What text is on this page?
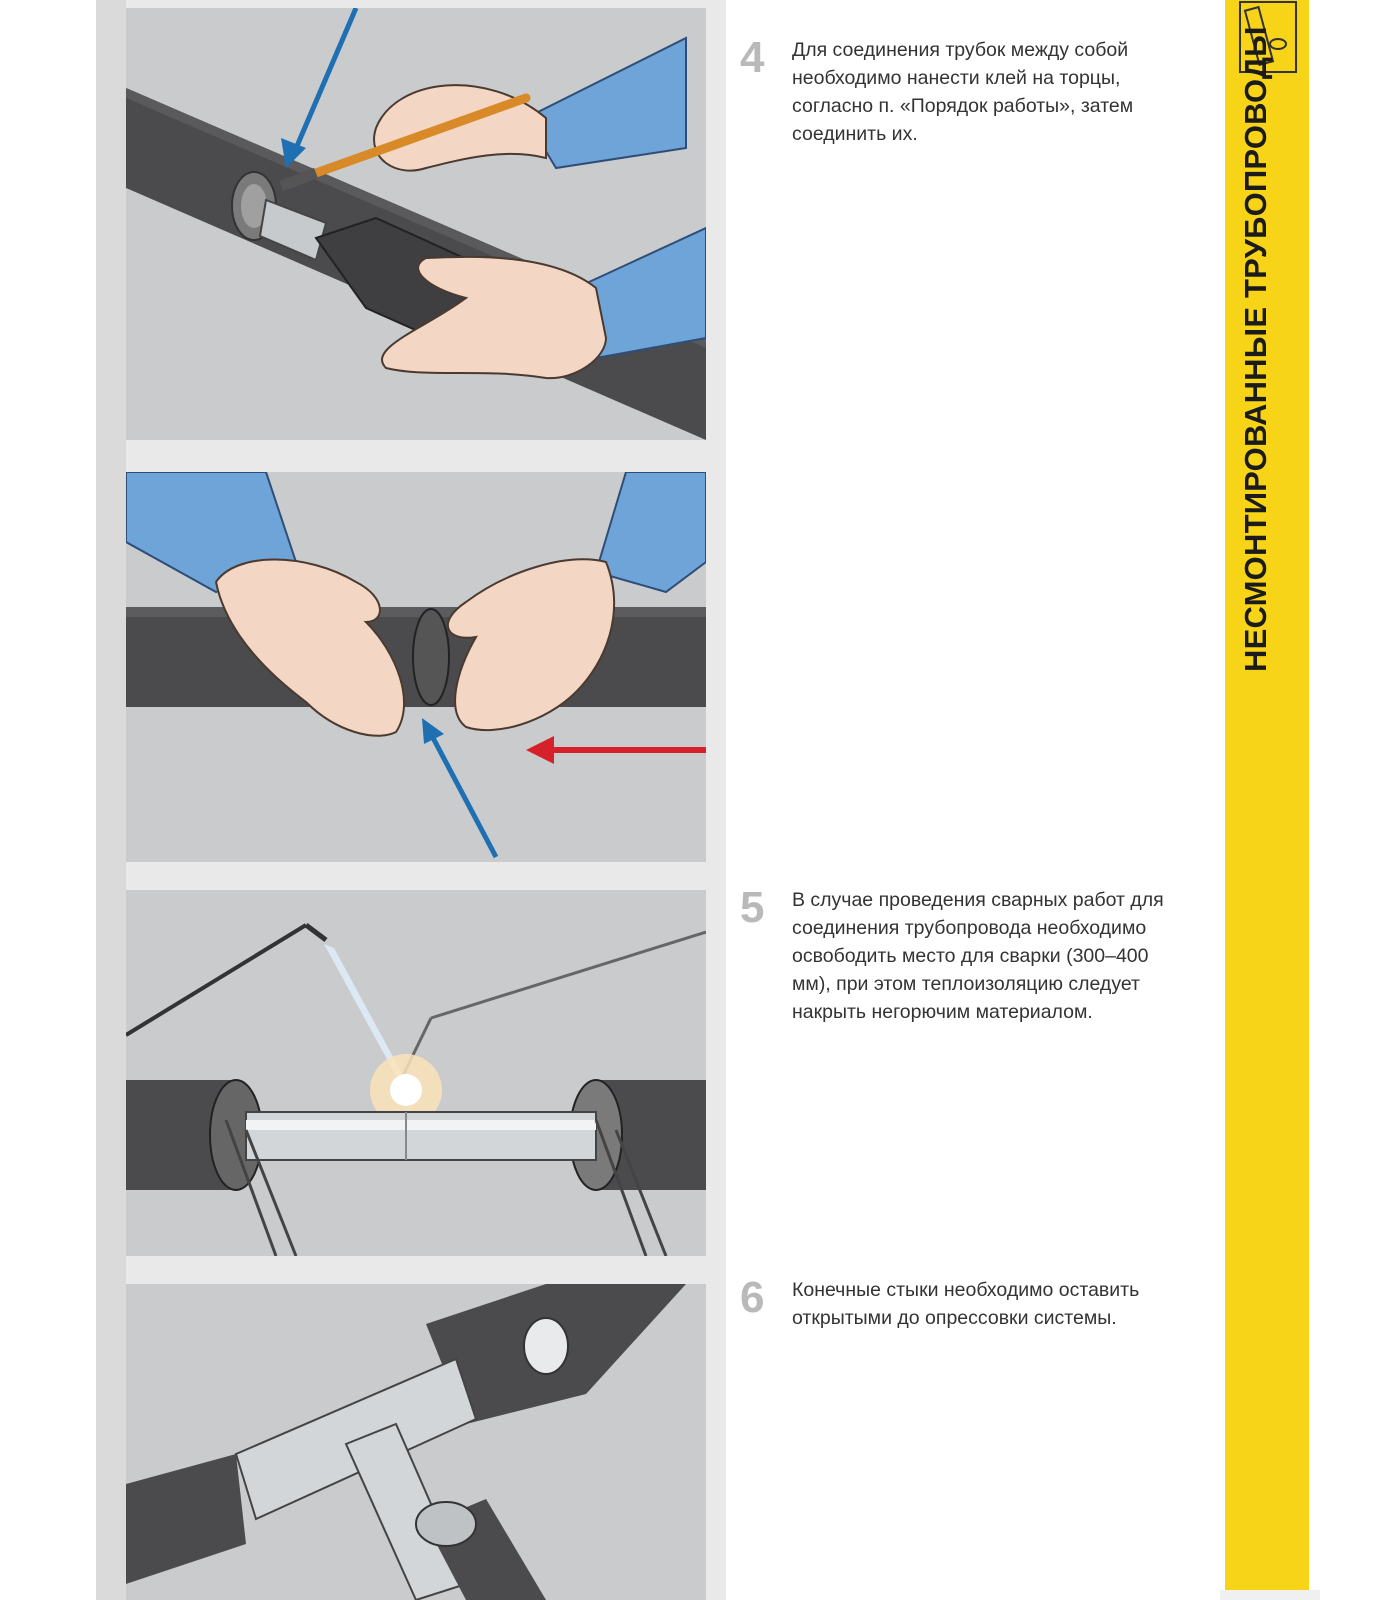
4	Для соединения трубок между собой необходимо нанести клей на торцы, согласно п. «Порядок работы», затем соединить их.
5	В случае проведения сварных работ для соединения трубопровода необходимо освободить место для сварки (300–400 мм), при этом теплоизоляцию следует накрыть негорючим материалом.
6	Конечные стыки необходимо оставить открытыми до опрессовки системы.
НЕСМОНТИРОВАННЫЕ ТРУБОПРОВОДЫ
